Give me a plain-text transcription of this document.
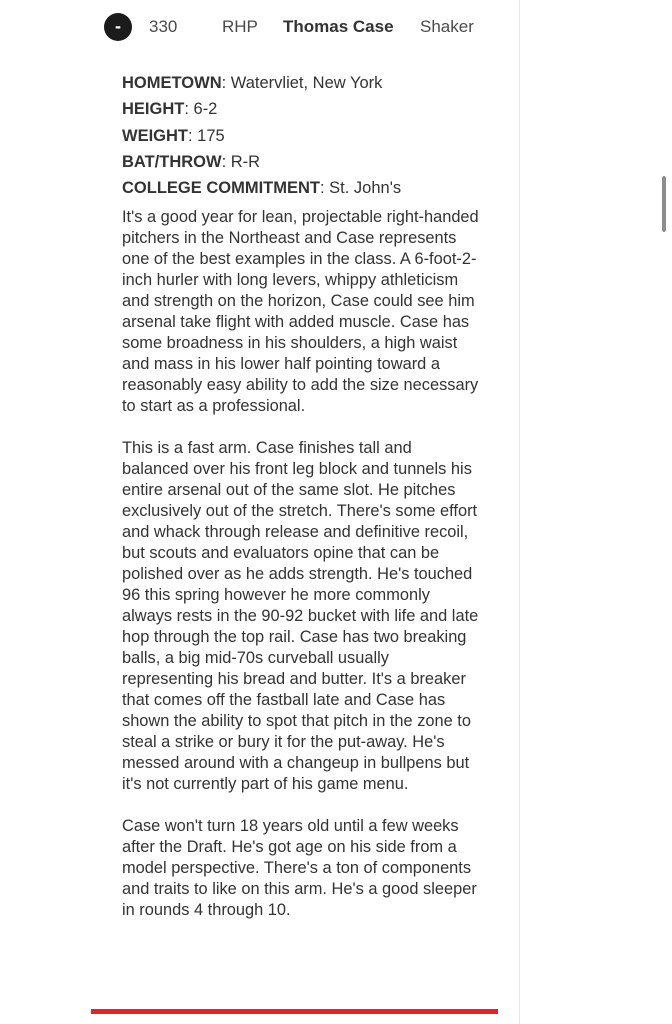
-	330	RHP Thomas Case Shaker
HOMETOWN: Watervliet, New York
HEIGHT: 6-2
WEIGHT: 175
BAT/THROW: R-R
COLLEGE COMMITMENT: St. John's

It's a good year for lean, projectable right-handed pitchers in the Northeast and Case represents one of the best examples in the class. A 6-foot-2-inch hurler with long levers, whippy athleticism and strength on the horizon, Case could see him arsenal take flight with added muscle. Case has some broadness in his shoulders, a high waist and mass in his lower half pointing toward a reasonably easy ability to add the size necessary to start as a professional.

This is a fast arm. Case finishes tall and balanced over his front leg block and tunnels his entire arsenal out of the same slot. He pitches exclusively out of the stretch. There's some effort and whack through release and definitive recoil, but scouts and evaluators opine that can be polished over as he adds strength. He's touched 96 this spring however he more commonly always rests in the 90-92 bucket with life and late hop through the top rail. Case has two breaking balls, a big mid-70s curveball usually representing his bread and butter. It's a breaker that comes off the fastball late and Case has shown the ability to spot that pitch in the zone to steal a strike or bury it for the put-away. He's messed around with a changeup in bullpens but it's not currently part of his game menu.

Case won't turn 18 years old until a few weeks after the Draft. He's got age on his side from a model perspective. There's a ton of components and traits to like on this arm. He's a good sleeper in rounds 4 through 10.
